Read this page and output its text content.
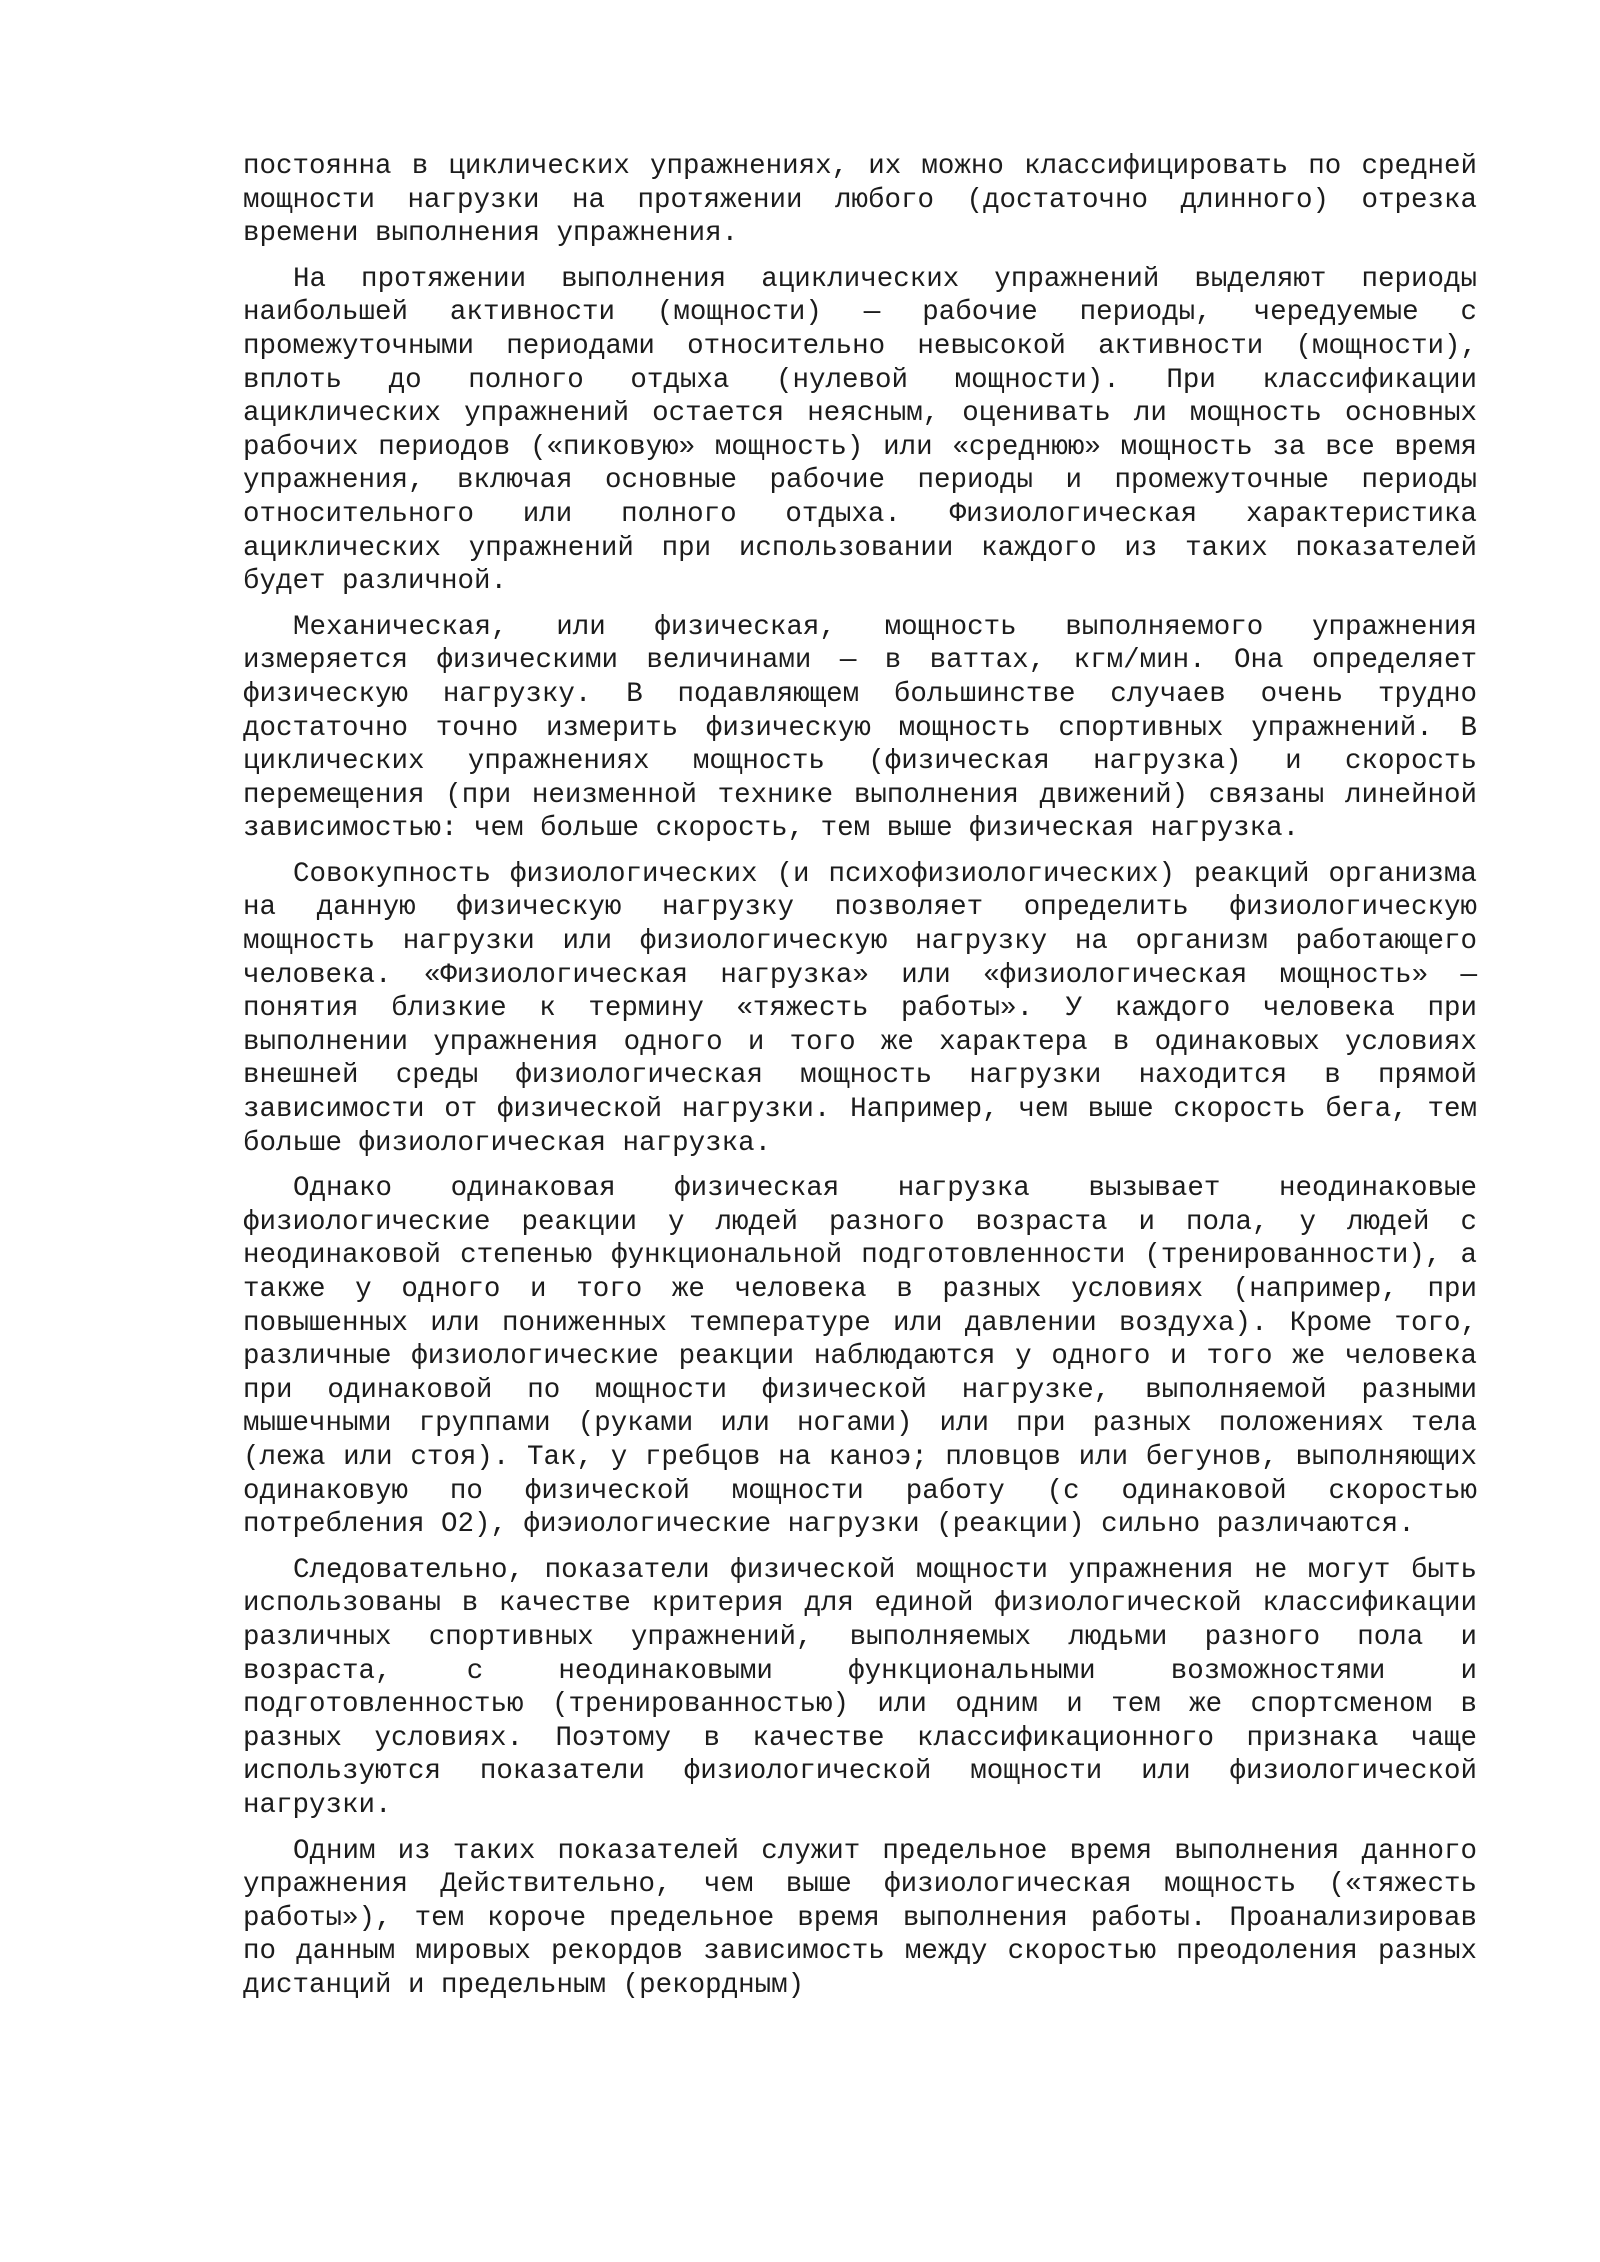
постоянна в циклических упражнениях, их можно классифицировать по средней мощности нагрузки на протяжении любого (достаточно длинного) отрезка времени выполнения упражнения.

На протяжении выполнения ациклических упражнений выделяют периоды наибольшей активности (мощности) — рабочие периоды, чередуемые с промежуточными периодами относительно невысокой активности (мощности), вплоть до полного отдыха (нулевой мощности). При классификации ациклических упражнений остается неясным, оценивать ли мощность основных рабочих периодов («пиковую» мощность) или «среднюю» мощность за все время упражнения, включая основные рабочие периоды и промежуточные периоды относительного или полного отдыха. Физиологическая характеристика ациклических упражнений при использовании каждого из таких показателей будет различной.

Механическая, или физическая, мощность выполняемого упражнения измеряется физическими величинами — в ваттах, кгм/мин. Она определяет физическую нагрузку. В подавляющем большинстве случаев очень трудно достаточно точно измерить физическую мощность спортивных упражнений. В циклических упражнениях мощность (физическая нагрузка) и скорость перемещения (при неизменной технике выполнения движений) связаны линейной зависимостью: чем больше скорость, тем выше физическая нагрузка.

Совокупность физиологических (и психофизиологических) реакций организма на данную физическую нагрузку позволяет определить физиологическую мощность нагрузки или физиологическую нагрузку на организм работающего человека. «Физиологическая нагрузка» или «физиологическая мощность» — понятия близкие к термину «тяжесть работы». У каждого человека при выполнении упражнения одного и того же характера в одинаковых условиях внешней среды физиологическая мощность нагрузки находится в прямой зависимости от физической нагрузки. Например, чем выше скорость бега, тем больше физиологическая нагрузка.

Однако одинаковая физическая нагрузка вызывает неодинаковые физиологические реакции у людей разного возраста и пола, у людей с неодинаковой степенью функциональной подготовленности (тренированности), а также у одного и того же человека в разных условиях (например, при повышенных или пониженных температуре или давлении воздуха). Кроме того, различные физиологические реакции наблюдаются у одного и того же человека при одинаковой по мощности физической нагрузке, выполняемой разными мышечными группами (руками или ногами) или при разных положениях тела (лежа или стоя). Так, у гребцов на каноэ; пловцов или бегунов, выполняющих одинаковую по физической мощности работу (с одинаковой скоростью потребления О2), фиэиологические нагрузки (реакции) сильно различаются.

Следовательно, показатели физической мощности упражнения не могут быть использованы в качестве критерия для единой физиологической классификации различных спортивных упражнений, выполняемых людьми разного пола и возраста, с неодинаковыми функциональными возможностями и подготовленностью (тренированностью) или одним и тем же спортсменом в разных условиях. Поэтому в качестве классификационного признака чаще используются показатели физиологической мощности или физиологической нагрузки.

Одним из таких показателей служит предельное время выполнения данного упражнения Действительно, чем выше физиологическая мощность («тяжесть работы»), тем короче предельное время выполнения работы. Проанализировав по данным мировых рекордов зависимость между скоростью преодоления разных дистанций и предельным (рекордным)
